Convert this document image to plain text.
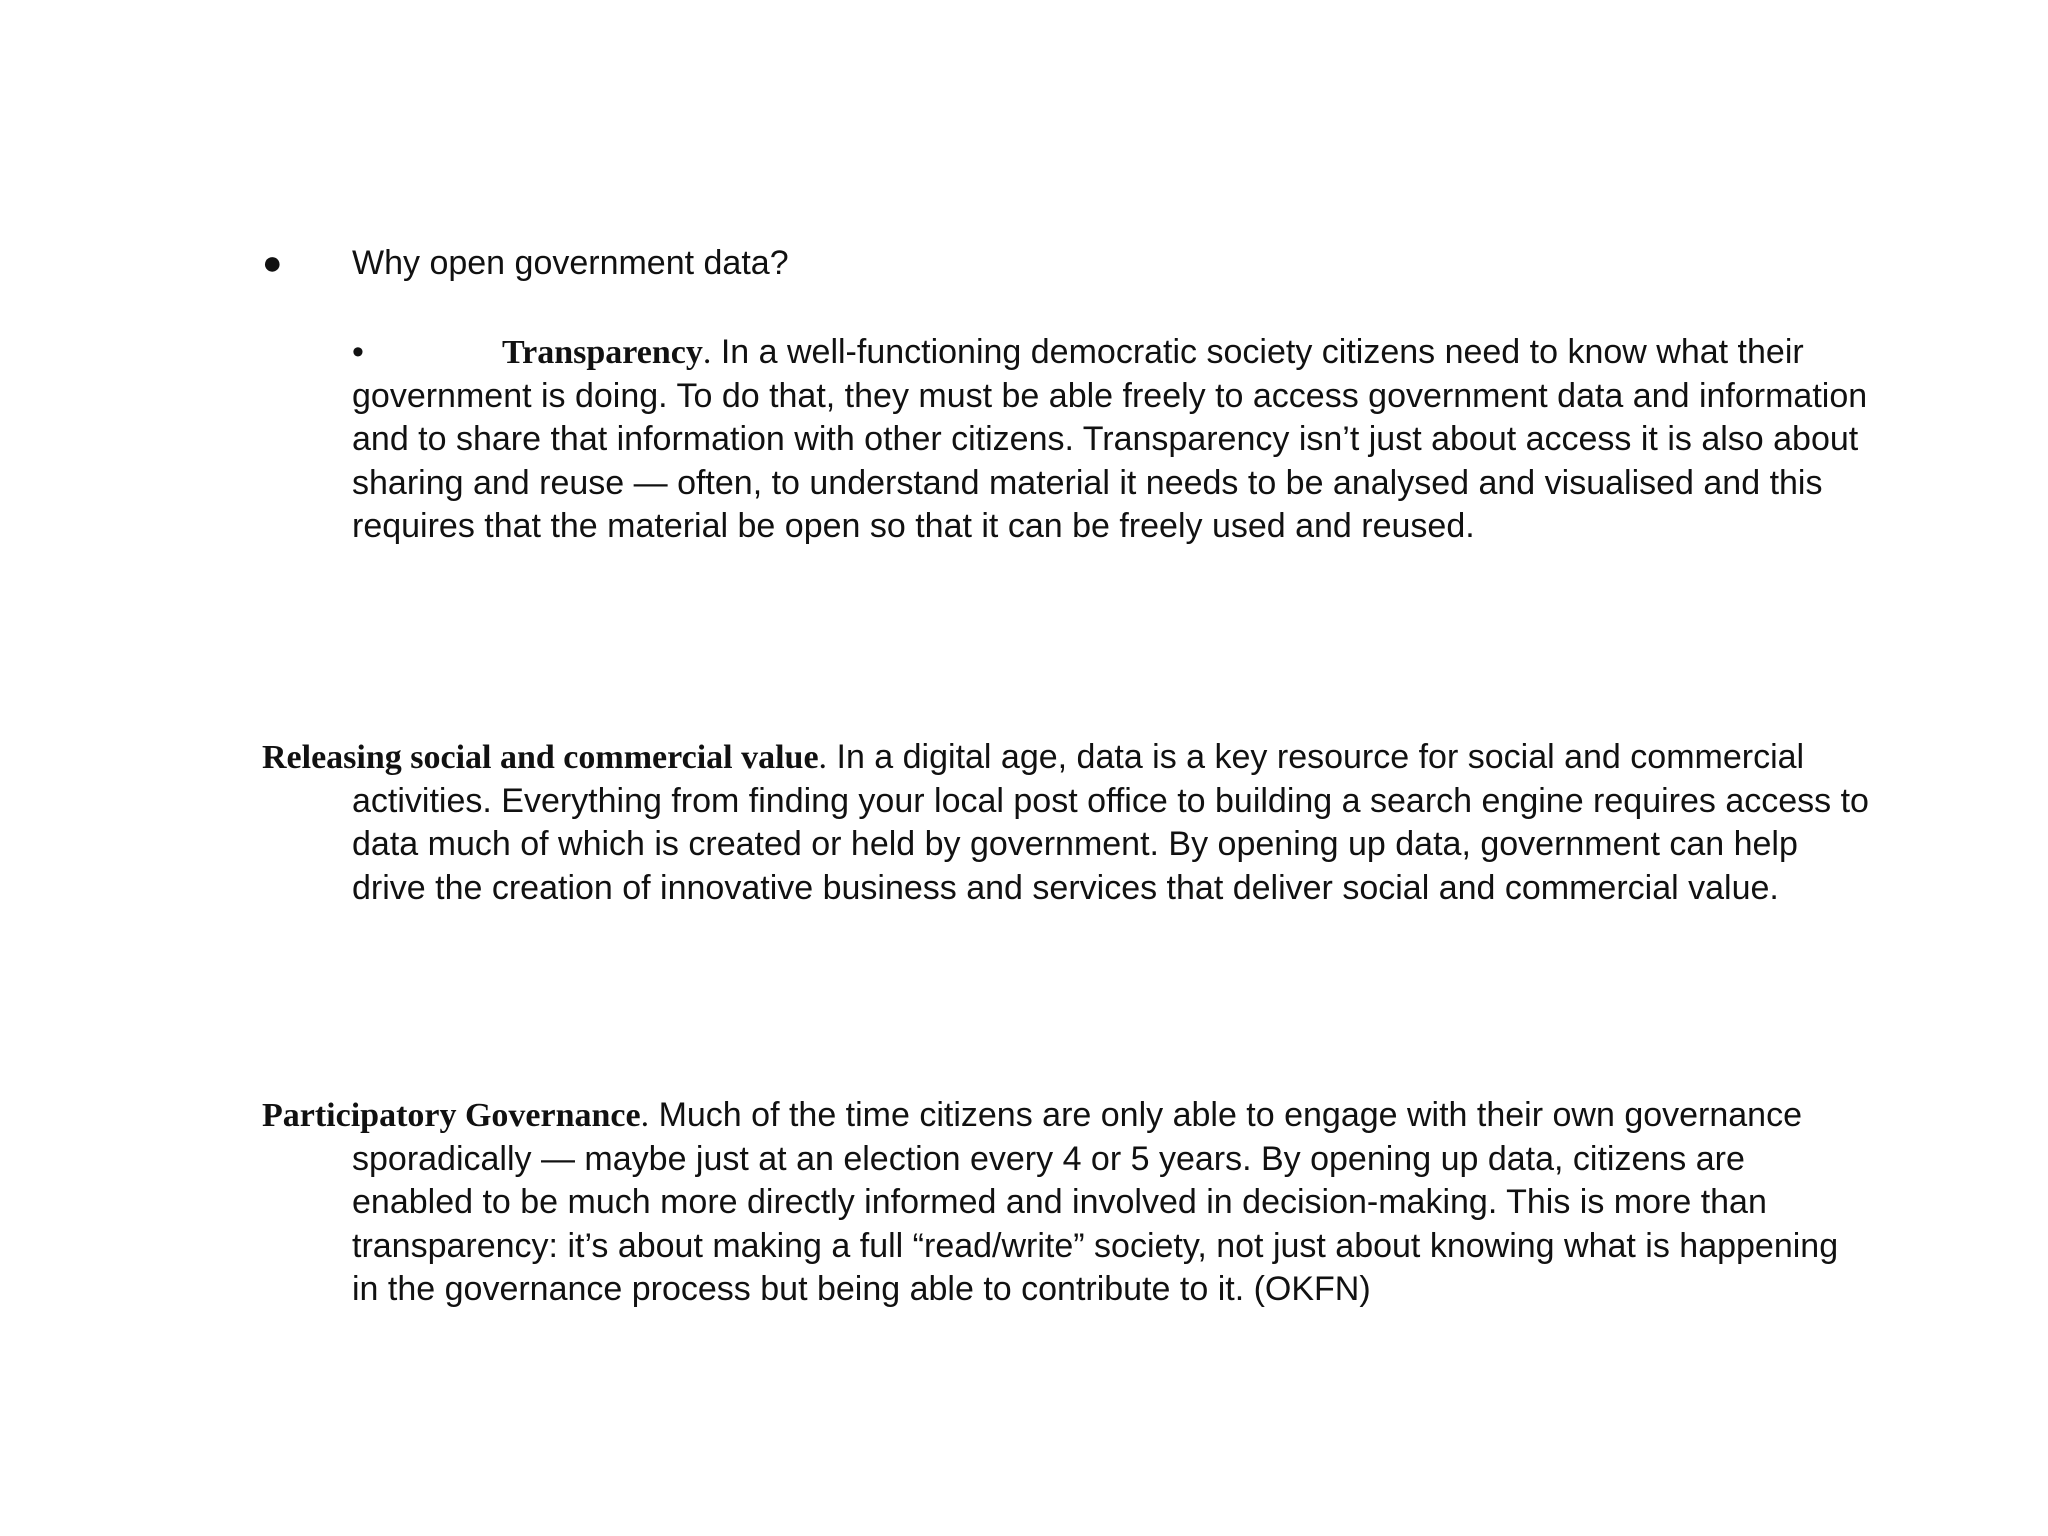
● Why open government data?

•	Transparency. In a well-functioning democratic society citizens need to know what their government is doing. To do that, they must be able freely to access government data and information and to share that information with other citizens. Transparency isn’t just about access it is also about sharing and reuse — often, to understand material it needs to be analysed and visualised and this requires that the material be open so that it can be freely used and reused.

Releasing social and commercial value. In a digital age, data is a key resource for social and commercial activities. Everything from finding your local post office to building a search engine requires access to data much of which is created or held by government. By opening up data, government can help drive the creation of innovative business and services that deliver social and commercial value.

Participatory Governance. Much of the time citizens are only able to engage with their own governance sporadically — maybe just at an election every 4 or 5 years. By opening up data, citizens are enabled to be much more directly informed and involved in decision-making. This is more than transparency: it’s about making a full “read/write” society, not just about knowing what is happening in the governance process but being able to contribute to it. (OKFN)
